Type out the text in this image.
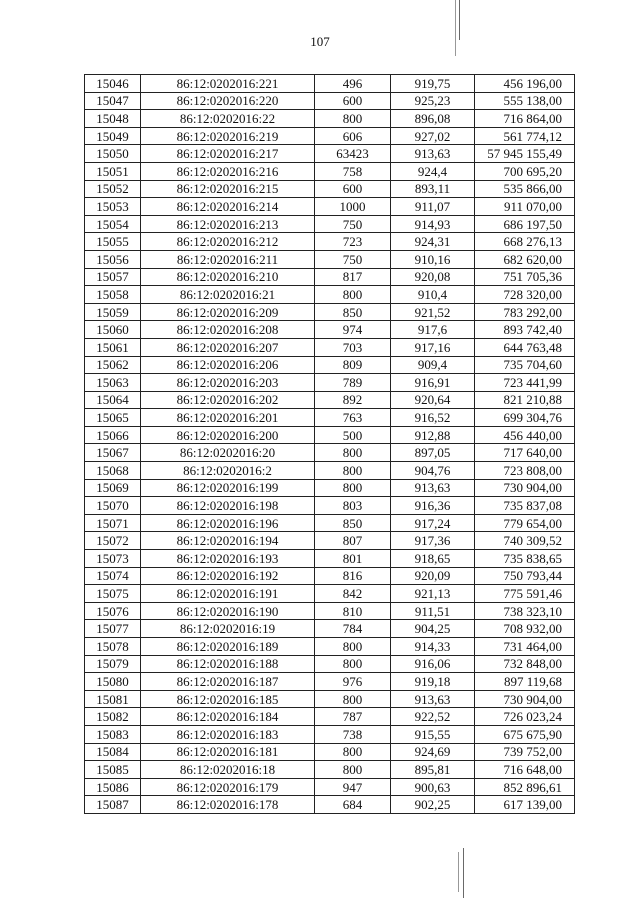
107
15046	86:12:0202016:221	496	919,75	456 196,00
15047	86:12:0202016:220	600	925,23	555 138,00
15048	86:12:0202016:22	800	896,08	716 864,00
15049	86:12:0202016:219	606	927,02	561 774,12
15050	86:12:0202016:217	63423	913,63	57 945 155,49
15051	86:12:0202016:216	758	924,4	700 695,20
15052	86:12:0202016:215	600	893,11	535 866,00
15053	86:12:0202016:214	1000	911,07	911 070,00
15054	86:12:0202016:213	750	914,93	686 197,50
15055	86:12:0202016:212	723	924,31	668 276,13
15056	86:12:0202016:211	750	910,16	682 620,00
15057	86:12:0202016:210	817	920,08	751 705,36
15058	86:12:0202016:21	800	910,4	728 320,00
15059	86:12:0202016:209	850	921,52	783 292,00
15060	86:12:0202016:208	974	917,6	893 742,40
15061	86:12:0202016:207	703	917,16	644 763,48
15062	86:12:0202016:206	809	909,4	735 704,60
15063	86:12:0202016:203	789	916,91	723 441,99
15064	86:12:0202016:202	892	920,64	821 210,88
15065	86:12:0202016:201	763	916,52	699 304,76
15066	86:12:0202016:200	500	912,88	456 440,00
15067	86:12:0202016:20	800	897,05	717 640,00
15068	86:12:0202016:2	800	904,76	723 808,00
15069	86:12:0202016:199	800	913,63	730 904,00
15070	86:12:0202016:198	803	916,36	735 837,08
15071	86:12:0202016:196	850	917,24	779 654,00
15072	86:12:0202016:194	807	917,36	740 309,52
15073	86:12:0202016:193	801	918,65	735 838,65
15074	86:12:0202016:192	816	920,09	750 793,44
15075	86:12:0202016:191	842	921,13	775 591,46
15076	86:12:0202016:190	810	911,51	738 323,10
15077	86:12:0202016:19	784	904,25	708 932,00
15078	86:12:0202016:189	800	914,33	731 464,00
15079	86:12:0202016:188	800	916,06	732 848,00
15080	86:12:0202016:187	976	919,18	897 119,68
15081	86:12:0202016:185	800	913,63	730 904,00
15082	86:12:0202016:184	787	922,52	726 023,24
15083	86:12:0202016:183	738	915,55	675 675,90
15084	86:12:0202016:181	800	924,69	739 752,00
15085	86:12:0202016:18	800	895,81	716 648,00
15086	86:12:0202016:179	947	900,63	852 896,61
15087	86:12:0202016:178	684	902,25	617 139,00
